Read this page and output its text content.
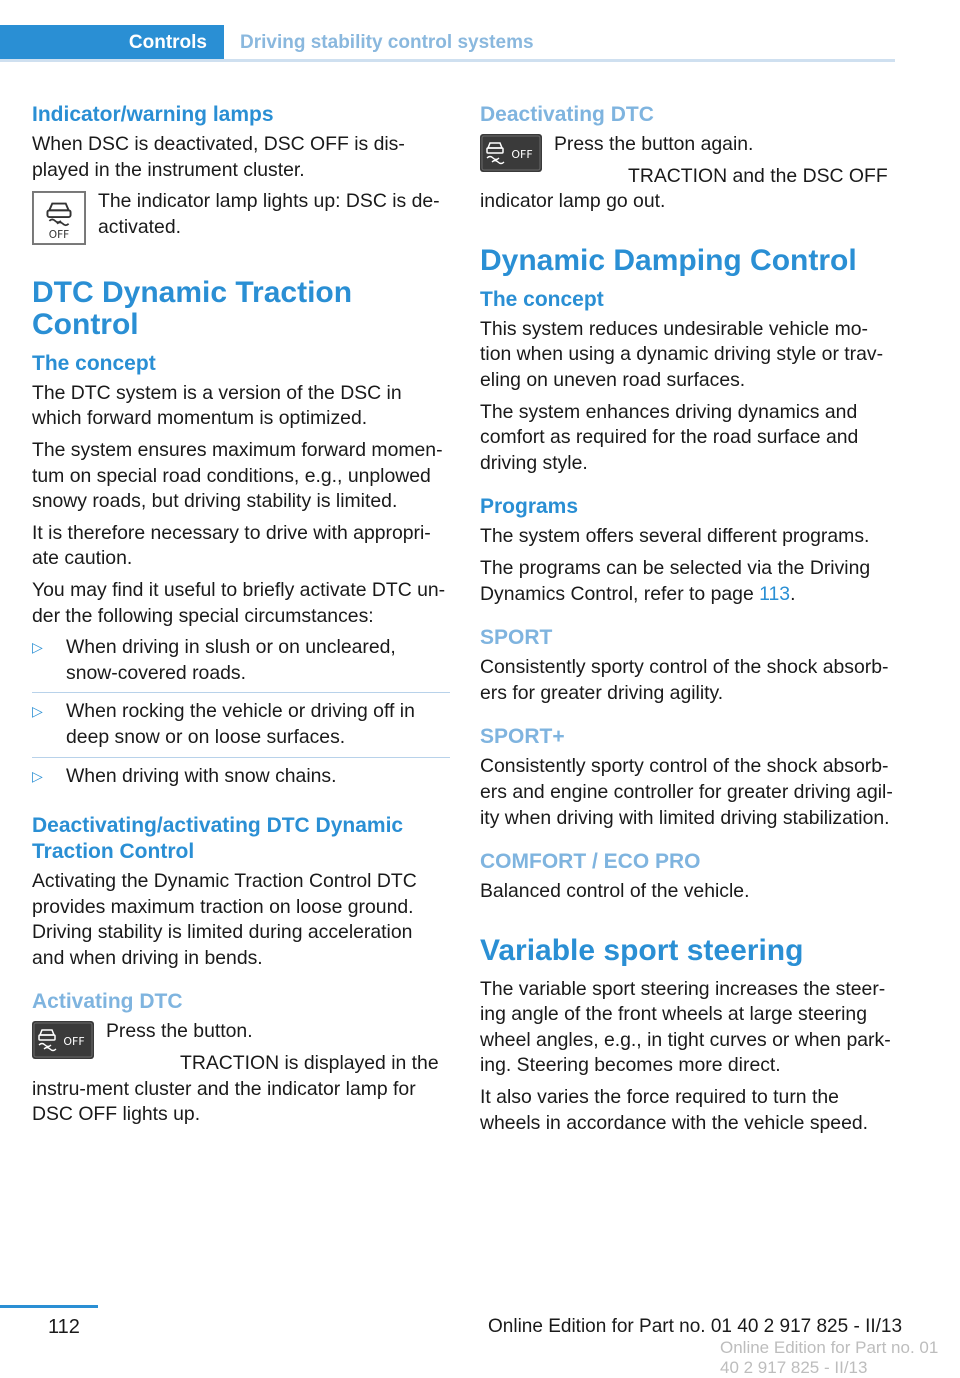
Controls	Driving stability control systems
Indicator/warning lamps

When DSC is deactivated, DSC OFF is dis-played in the instrument cluster.

OFF

The indicator lamp lights up: DSC is de-activated.

DTC Dynamic Traction Control
The concept

The DTC system is a version of the DSC in which forward momentum is optimized.

The system ensures maximum forward momen-tum on special road conditions, e.g., unplowed snowy roads, but driving stability is limited.

It is therefore necessary to drive with appropri-ate caution.

You may find it useful to briefly activate DTC un-der the following special circumstances:

▷ When driving in slush or on uncleared, snow-covered roads.
▷ When rocking the vehicle or driving off in deep snow or on loose surfaces.
▷ When driving with snow chains.
Deactivating/activating DTC Dynamic Traction Control

Activating the Dynamic Traction Control DTC provides maximum traction on loose ground. Driving stability is limited during acceleration and when driving in bends.

Activating DTC
OFF	Press the button.

TRACTION is displayed in the instru-ment cluster and the indicator lamp for DSC OFF lights up.

Deactivating DTC
OFF	Press the button again.

TRACTION and the DSC OFF indicator lamp go out.

Dynamic Damping Control
The concept

This system reduces undesirable vehicle mo-tion when using a dynamic driving style or trav-eling on uneven road surfaces.

The system enhances driving dynamics and comfort as required for the road surface and driving style.

Programs

The system offers several different programs.

The programs can be selected via the Driving Dynamics Control, refer to page 113.

SPORT

Consistently sporty control of the shock absorb-ers for greater driving agility.

SPORT+

Consistently sporty control of the shock absorb-ers and engine controller for greater driving agil-ity when driving with limited driving stabilization.

COMFORT / ECO PRO

Balanced control of the vehicle.

Variable sport steering

The variable sport steering increases the steer-ing angle of the front wheels at large steering wheel angles, e.g., in tight curves or when park-ing. Steering becomes more direct.

It also varies the force required to turn the wheels in accordance with the vehicle speed.

112	Online Edition for Part no. 01 40 2 917 825 - II/13
Online Edition for Part no. 01 40 2 917 825 - II/13
